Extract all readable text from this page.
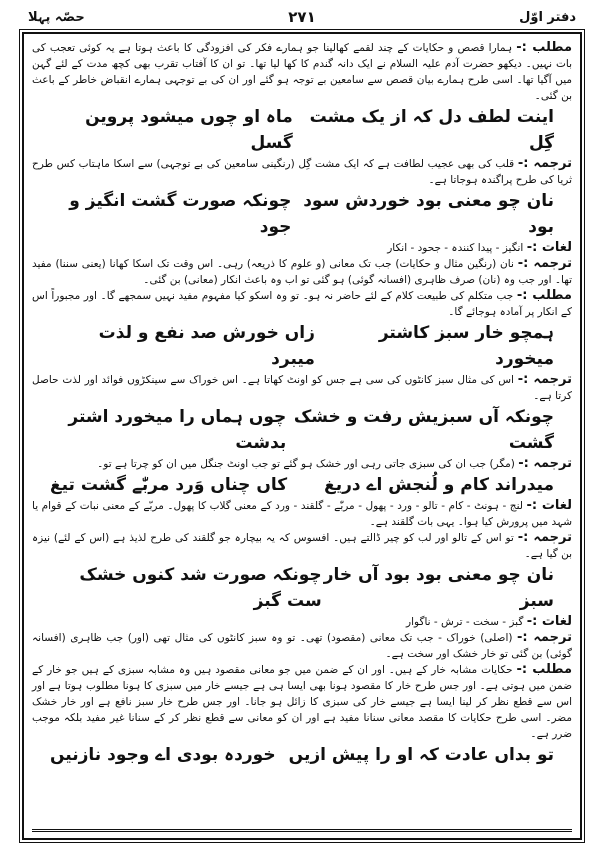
دفتر اوّل
۲۷۱
حصّہ پہلا

مطلب :- ہمارا قصص و حکایات کے چند لقمے کھالینا جو ہمارے فکر کی افزودگی کا باعث ہوتا ہے یہ کوئی تعجب کی بات نہیں۔ دیکھو حضرت آدم علیہ السلام نے ایک دانہ گندم کا کھا لیا تھا۔ تو ان کا آفتاب تقرب بھی کچھ مدت کے لئے گہن میں آگیا تھا۔ اسی طرح ہمارے بیان قصص سے سامعین بے توجہ ہو گئے اور ان کی بے توجہی ہمارے انقباض خاطر کے باعث بن گئی۔

اینت لطف دل کہ از یک مشت گِل
ماہ او چوں میشود پروین گسل

ترجمہ :- قلب کی بھی عجیب لطافت ہے کہ ایک مشت گِل (رنگینی سامعین کی بے توجہی) سے اسکا ماہتاب کس طرح ثریا کی طرح پراگندہ ہوجاتا ہے۔

نان چو معنی بود خوردش سود بود
چونکہ صورت گشت انگیز و جود

لغات :- انگیز - پیدا کنندہ - جحود - انکار

ترجمہ :- نان (رنگین مثال و حکایات) جب تک معانی (و علوم کا ذریعہ) رہی۔ اس وقت تک اسکا کھانا (یعنی سننا) مفید تھا۔ اور جب وہ (نان) صرف ظاہری (افسانہ گوئی) ہو گئی تو اب وہ باعث انکار (معانی) بن گئی۔

مطلب :- جب متکلم کی طبیعت کلام کے لئے حاضر نہ ہو۔ تو وہ اسکو کیا مفہوم مفید نہیں سمجھے گا۔ اور مجبوراً اس کے انکار پر آمادہ ہوجائے گا۔

ہمچو خار سبز کاشتر میخورد
زاں خورش صد نفع و لذت میبرد

ترجمہ :- اس کی مثال سبز کانٹوں کی سی ہے جس کو اونٹ کھاتا ہے۔ اس خوراک سے سینکڑوں فوائد اور لذت حاصل کرتا ہے۔

چونکہ آں سبزیش رفت و خشک گشت
چوں ہماں را میخورد اشتر بدشت

ترجمہ :- (مگر) جب ان کی سبزی جاتی رہی اور خشک ہو گئے تو جب اونٹ جنگل میں ان کو چرتا ہے تو۔

میدراند کام و لُنجش اے دریغ
کاں چناں وَرد مربّٰے گشت تیغ

لغات :- لنج - ہونٹ - کام - تالو - ورد - پھول - مربّٰے - گلقند - ورد کے معنی گلاب کا پھول۔ مربّے کے معنی نبات کے قوام یا شہد میں پرورش کیا ہوا۔ یہی بات گلقند ہے۔

ترجمہ :- تو اس کے تالو اور لب کو چیر ڈالتے ہیں۔ افسوس کہ یہ بیچارہ جو گلقند کی طرح لذیذ ہے (اس کے لئے) نیزہ بن گیا ہے۔

نان چو معنی بود بود آں خار سبز
چونکہ صورت شد کنوں خشک ست گبز

لغات :- گبز - سخت - ترش - ناگوار

ترجمہ :- (اصلی) خوراک - جب تک معانی (مقصود) تھی۔ تو وہ سبز کانٹوں کی مثال تھی (اور) جب ظاہری (افسانہ گوئی) بن گئی تو خار خشک اور سخت ہے۔

مطلب :- حکایات مشابہ خار کے ہیں۔ اور ان کے ضمن میں جو معانی مقصود ہیں وہ مشابہ سبزی کے ہیں جو خار کے ضمن میں ہوتی ہے۔ اور جس طرح خار کا مقصود ہونا بھی ایسا ہی ہے جیسے خار میں سبزی کا ہونا مطلوب ہوتا ہے اور اس سے قطع نظر کر لینا ایسا ہے جیسے خار کی سبزی کا زائل ہو جانا۔ اور جس طرح خار سبز نافع ہے اور خار خشک مضر۔ اسی طرح حکایات کا مقصد معانی سنانا مفید ہے اور ان کو معانی سے قطع نظر کر کے سنانا غیر مفید بلکہ موجب ضرر ہے۔

تو بداں عادت کہ او را پیش ازیں
خوردہ بودی اے وجود نازنیں
